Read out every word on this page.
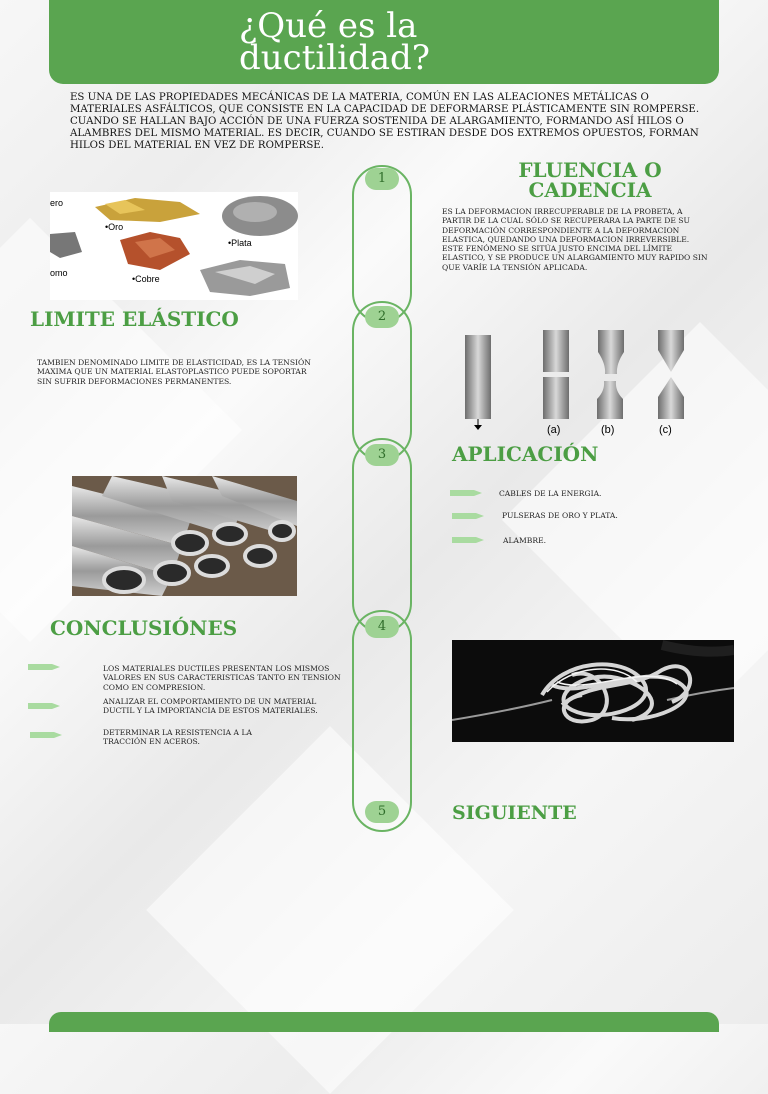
¿Qué es la ductilidad?
ES UNA DE LAS PROPIEDADES MECÁNICAS DE LA MATERIA, COMÚN EN LAS ALEACIONES METÁLICAS O MATERIALES ASFÁLTICOS, QUE CONSISTE EN LA CAPACIDAD DE DEFORMARSE PLÁSTICAMENTE SIN ROMPERSE. CUANDO SE HALLAN BAJO ACCIÓN DE UNA FUERZA SOSTENIDA DE ALARGAMIENTO, FORMANDO ASÍ HILOS O ALAMBRES DEL MISMO MATERIAL. ES DECIR, CUANDO SE ESTIRAN DESDE DOS EXTREMOS OPUESTOS, FORMAN HILOS DEL MATERIAL EN VEZ DE ROMPERSE.
1
2
3
4
5
FLUENCIA O CADENCIA
ES LA DEFORMACION IRRECUPERABLE DE LA PROBETA, A PARTIR DE LA CUAL SÓLO SE RECUPERARA LA PARTE DE SU DEFORMACIÓN CORRESPONDIENTE A LA DEFORMACION ELASTICA, QUEDANDO UNA DEFORMACION IRREVERSIBLE. ESTE FENÓMENO SE SITÚA JUSTO ENCIMA DEL LÍMITE ELASTICO, Y SE PRODUCE UN ALARGAMIENTO MUY RAPIDO SIN QUE VARÍE LA TENSIÓN APLICADA.
ero
•Oro
•Plata
•Cobre
omo
LIMITE ELÁSTICO
TAMBIEN DENOMINADO LIMITE DE ELASTICIDAD, ES LA TENSIÓN MAXIMA QUE UN MATERIAL ELASTOPLASTICO PUEDE SOPORTAR SIN SUFRIR DEFORMACIONES PERMANENTES.
(a)	(b)	(c)
APLICACIÓN
CABLES DE LA ENERGIA.
PULSERAS DE ORO Y PLATA.
ALAMBRE.
CONCLUSIÓNES
LOS MATERIALES DUCTILES PRESENTAN LOS MISMOS VALORES EN SUS CARACTERISTICAS TANTO EN TENSION COMO EN COMPRESION.
ANALIZAR EL COMPORTAMIENTO DE UN MATERIAL DUCTIL Y LA IMPORTANCIA DE ESTOS MATERIALES.
DETERMINAR LA RESISTENCIA A LA TRACCIÓN EN ACEROS.
SIGUIENTE
